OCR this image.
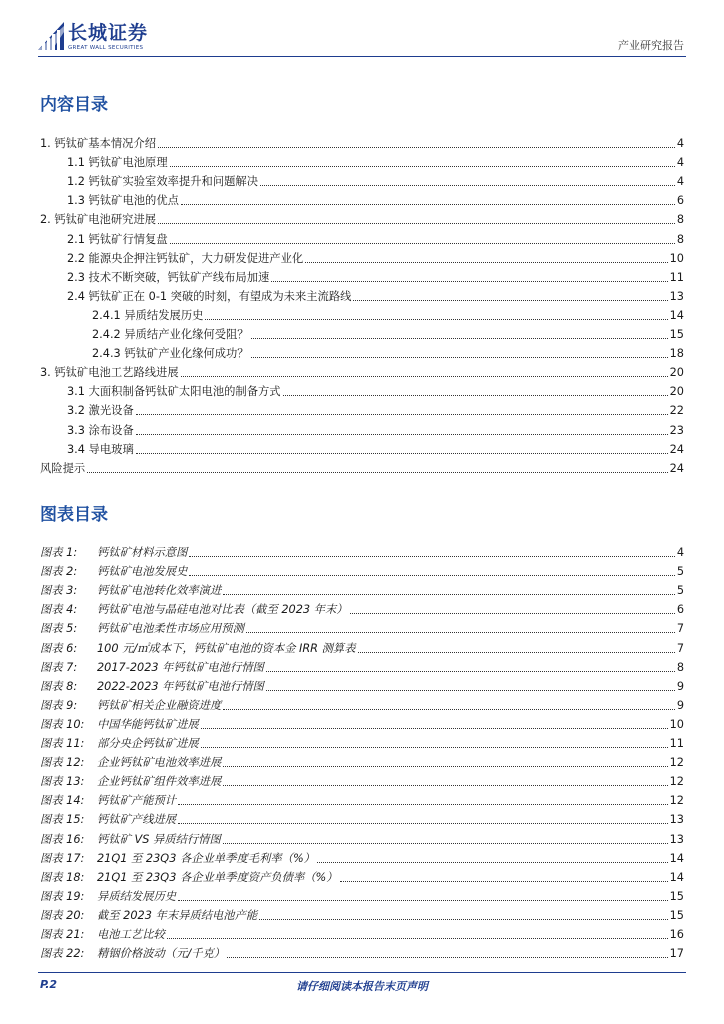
长城证券
GREAT WALL SECURITIES	产业研究报告
内容目录
1. 钙钛矿基本情况介绍	4
1.1 钙钛矿电池原理	4
1.2 钙钛矿实验室效率提升和问题解决	4
1.3 钙钛矿电池的优点	6
2. 钙钛矿电池研究进展	8
2.1 钙钛矿行情复盘	8
2.2 能源央企押注钙钛矿，大力研发促进产业化	10
2.3 技术不断突破，钙钛矿产线布局加速	11
2.4 钙钛矿正在 0-1 突破的时刻，有望成为未来主流路线	13
2.4.1 异质结发展历史	14
2.4.2 异质结产业化缘何受阻？	15
2.4.3 钙钛矿产业化缘何成功？	18
3. 钙钛矿电池工艺路线进展	20
3.1 大面积制备钙钛矿太阳电池的制备方式	20
3.2 激光设备	22
3.3 涂布设备	23
3.4 导电玻璃	24
风险提示	24
图表目录
图表 1:	钙钛矿材料示意图	4
图表 2:	钙钛矿电池发展史	5
图表 3:	钙钛矿电池转化效率演进	5
图表 4:	钙钛矿电池与晶硅电池对比表（截至 2023 年末）	6
图表 5:	钙钛矿电池柔性市场应用预测	7
图表 6:	100 元/㎡成本下，钙钛矿电池的资本金 IRR 测算表	7
图表 7:	2017-2023 年钙钛矿电池行情图	8
图表 8:	2022-2023 年钙钛矿电池行情图	9
图表 9:	钙钛矿相关企业融资进度	9
图表 10:	中国华能钙钛矿进展	10
图表 11:	部分央企钙钛矿进展	11
图表 12:	企业钙钛矿电池效率进展	12
图表 13:	企业钙钛矿组件效率进展	12
图表 14:	钙钛矿产能预计	12
图表 15:	钙钛矿产线进展	13
图表 16:	钙钛矿 VS 异质结行情图	13
图表 17:	21Q1 至 23Q3 各企业单季度毛利率（%）	14
图表 18:	21Q1 至 23Q3 各企业单季度资产负债率（%）	14
图表 19:	异质结发展历史	15
图表 20:	截至 2023 年末异质结电池产能	15
图表 21:	电池工艺比较	16
图表 22:	精铟价格波动（元/千克）	17
P.2	请仔细阅读本报告末页声明
